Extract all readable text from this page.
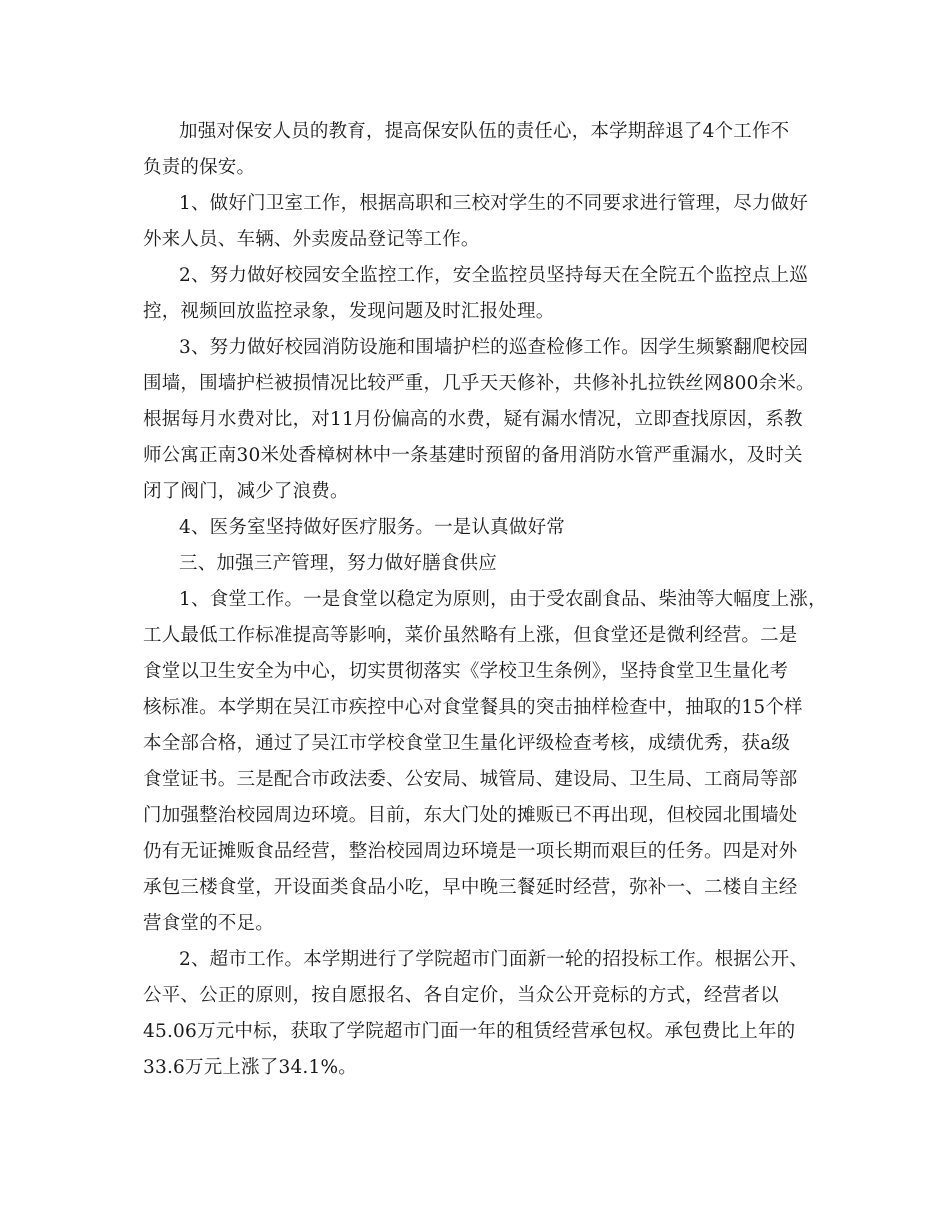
加强对保安人员的教育，提高保安队伍的责任心，本学期辞退了4个工作不
负责的保安。
1、做好门卫室工作，根据高职和三校对学生的不同要求进行管理，尽力做好
外来人员、车辆、外卖废品登记等工作。
2、努力做好校园安全监控工作，安全监控员坚持每天在全院五个监控点上巡
控，视频回放监控录象，发现问题及时汇报处理。
3、努力做好校园消防设施和围墙护栏的巡查检修工作。因学生频繁翻爬校园
围墙，围墙护栏被损情况比较严重，几乎天天修补，共修补扎拉铁丝网800余米。
根据每月水费对比，对11月份偏高的水费，疑有漏水情况，立即查找原因，系教
师公寓正南30米处香樟树林中一条基建时预留的备用消防水管严重漏水，及时关
闭了阀门，减少了浪费。
4、医务室坚持做好医疗服务。一是认真做好常
三、加强三产管理，努力做好膳食供应
1、食堂工作。一是食堂以稳定为原则，由于受农副食品、柴油等大幅度上涨，
工人最低工作标准提高等影响，菜价虽然略有上涨，但食堂还是微利经营。二是
食堂以卫生安全为中心，切实贯彻落实《学校卫生条例》，坚持食堂卫生量化考
核标准。本学期在吴江市疾控中心对食堂餐具的突击抽样检查中，抽取的15个样
本全部合格，通过了吴江市学校食堂卫生量化评级检查考核，成绩优秀，获a级
食堂证书。三是配合市政法委、公安局、城管局、建设局、卫生局、工商局等部
门加强整治校园周边环境。目前，东大门处的摊贩已不再出现，但校园北围墙处
仍有无证摊贩食品经营，整治校园周边环境是一项长期而艰巨的任务。四是对外
承包三楼食堂，开设面类食品小吃，早中晚三餐延时经营，弥补一、二楼自主经
营食堂的不足。
2、超市工作。本学期进行了学院超市门面新一轮的招投标工作。根据公开、
公平、公正的原则，按自愿报名、各自定价，当众公开竞标的方式，经营者以
45.06万元中标，获取了学院超市门面一年的租赁经营承包权。承包费比上年的
33.6万元上涨了34.1%。
